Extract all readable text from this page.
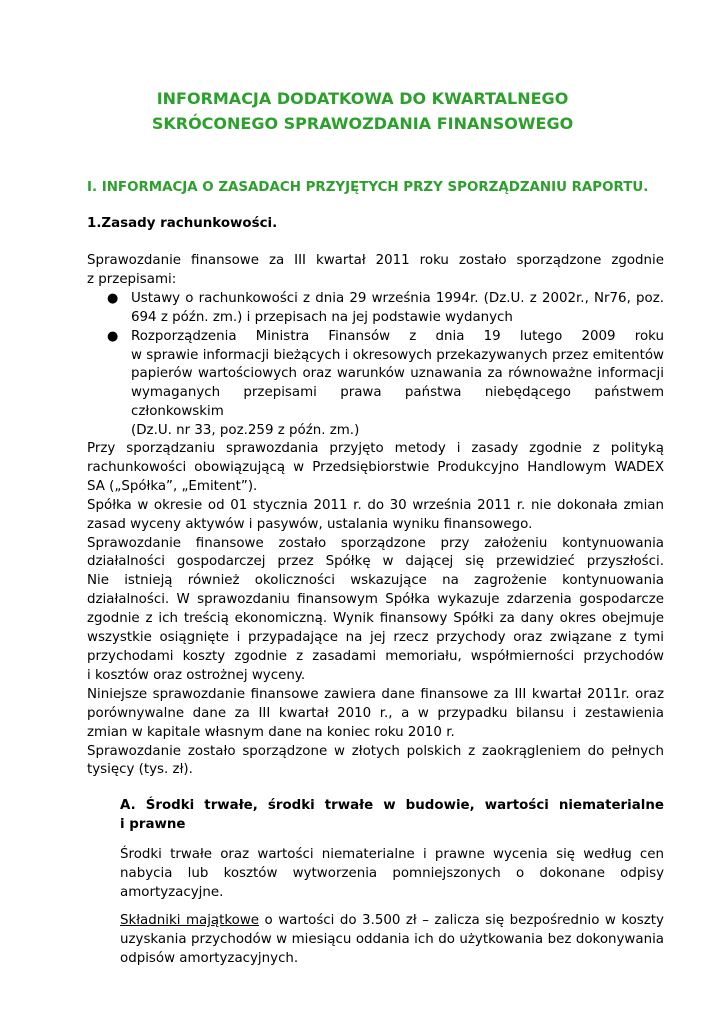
INFORMACJA DODATKOWA DO KWARTALNEGO
SKRÓCONEGO SPRAWOZDANIA FINANSOWEGO
I. INFORMACJA O ZASADACH PRZYJĘTYCH PRZY SPORZĄDZANIU RAPORTU.
1.Zasady rachunkowości.
Sprawozdanie finansowe za III kwartał 2011 roku zostało sporządzone zgodnie
z przepisami:
● Ustawy o rachunkowości z dnia 29 września 1994r. (Dz.U. z 2002r., Nr76, poz.
694 z późn. zm.) i przepisach na jej podstawie wydanych
● Rozporządzenia Ministra Finansów z dnia 19 lutego 2009 roku
w sprawie informacji bieżących i okresowych przekazywanych przez emitentów
papierów wartościowych oraz warunków uznawania za równoważne informacji
wymaganych przepisami prawa państwa niebędącego państwem członkowskim
(Dz.U. nr 33, poz.259 z późn. zm.)
Przy sporządzaniu sprawozdania przyjęto metody i zasady zgodnie z polityką
rachunkowości obowiązującą w Przedsiębiorstwie Produkcyjno Handlowym WADEX
SA („Spółka”, „Emitent”).
Spółka w okresie od 01 stycznia 2011 r. do 30 września 2011 r. nie dokonała zmian
zasad wyceny aktywów i pasywów, ustalania wyniku finansowego.
Sprawozdanie finansowe zostało sporządzone przy założeniu kontynuowania
działalności gospodarczej przez Spółkę w dającej się przewidzieć przyszłości.
Nie istnieją również okoliczności wskazujące na zagrożenie kontynuowania
działalności. W sprawozdaniu finansowym Spółka wykazuje zdarzenia gospodarcze
zgodnie z ich treścią ekonomiczną. Wynik finansowy Spółki za dany okres obejmuje
wszystkie osiągnięte i przypadające na jej rzecz przychody oraz związane z tymi
przychodami koszty zgodnie z zasadami memoriału, współmierności przychodów
i kosztów oraz ostrożnej wyceny.
Niniejsze sprawozdanie finansowe zawiera dane finansowe za III kwartał 2011r. oraz
porównywalne dane za III kwartał 2010 r., a w przypadku bilansu i zestawienia
zmian w kapitale własnym dane na koniec roku 2010 r.
Sprawozdanie zostało sporządzone w złotych polskich z zaokrągleniem do pełnych
tysięcy (tys. zł).
A. Środki trwałe, środki trwałe w budowie, wartości niematerialne
i prawne
Środki trwałe oraz wartości niematerialne i prawne wycenia się według cen
nabycia lub kosztów wytworzenia pomniejszonych o dokonane odpisy
amortyzacyjne.
Składniki majątkowe o wartości do 3.500 zł – zalicza się bezpośrednio w koszty
uzyskania przychodów w miesiącu oddania ich do użytkowania bez dokonywania
odpisów amortyzacyjnych.
